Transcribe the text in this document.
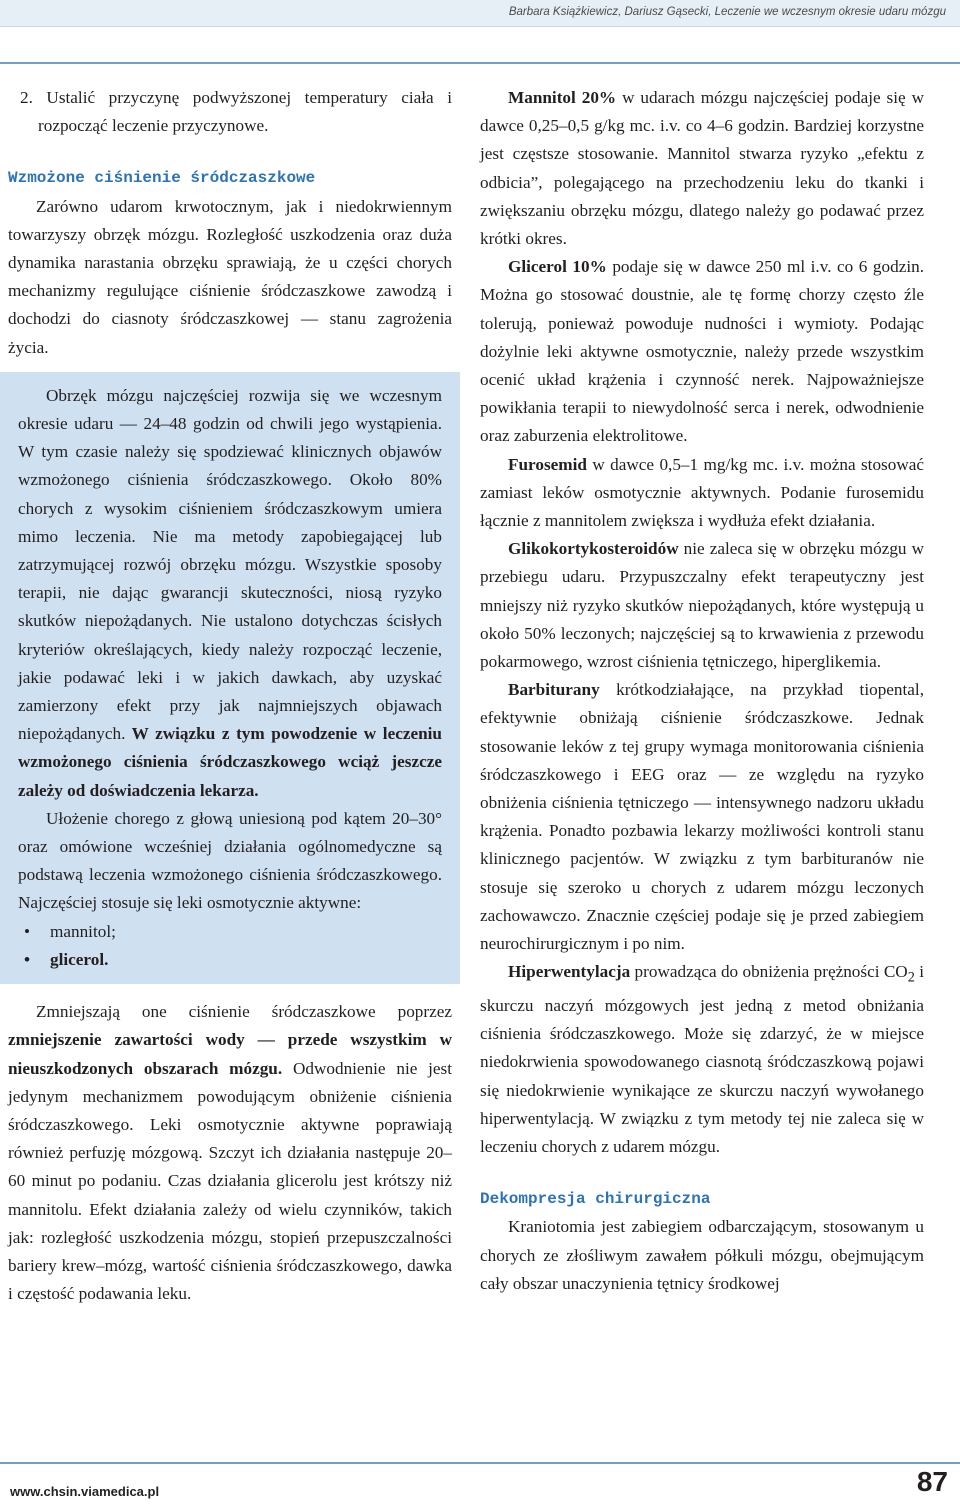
Barbara Książkiewicz, Dariusz Gąsecki, Leczenie we wczesnym okresie udaru mózgu

2. Ustalić przyczynę podwyższonej temperatury ciała i rozpocząć leczenie przyczynowe.

Wzmożone ciśnienie śródczaszkowe

Zarówno udarom krwotocznym, jak i niedokrwiennym towarzyszy obrzęk mózgu. Rozległość uszkodzenia oraz duża dynamika narastania obrzęku sprawiają, że u części chorych mechanizmy regulujące ciśnienie śródczaszkowe zawodzą i dochodzi do ciasnoty śródczaszkowej — stanu zagrożenia życia.

Obrzęk mózgu najczęściej rozwija się we wczesnym okresie udaru — 24–48 godzin od chwili jego wystąpienia. W tym czasie należy się spodziewać klinicznych objawów wzmożonego ciśnienia śródczaszkowego. Około 80% chorych z wysokim ciśnieniem śródczaszkowym umiera mimo leczenia. Nie ma metody zapobiegającej lub zatrzymującej rozwój obrzęku mózgu. Wszystkie sposoby terapii, nie dając gwarancji skuteczności, niosą ryzyko skutków niepożądanych. Nie ustalono dotychczas ścisłych kryteriów określających, kiedy należy rozpocząć leczenie, jakie podawać leki i w jakich dawkach, aby uzyskać zamierzony efekt przy jak najmniejszych objawach niepożądanych. W związku z tym powodzenie w leczeniu wzmożonego ciśnienia śródczaszkowego wciąż jeszcze zależy od doświadczenia lekarza.

Ułożenie chorego z głową uniesioną pod kątem 20–30° oraz omówione wcześniej działania ogólnomedyczne są podstawą leczenia wzmożonego ciśnienia śródczaszkowego. Najczęściej stosuje się leki osmotycznie aktywne:

• mannitol;
• glicerol.

Zmniejszają one ciśnienie śródczaszkowe poprzez zmniejszenie zawartości wody — przede wszystkim w nieuszkodzonych obszarach mózgu. Odwodnienie nie jest jedynym mechanizmem powodującym obniżenie ciśnienia śródczaszkowego. Leki osmotycznie aktywne poprawiają również perfuzję mózgową. Szczyt ich działania następuje 20–60 minut po podaniu. Czas działania glicerolu jest krótszy niż mannitolu. Efekt działania zależy od wielu czynników, takich jak: rozległość uszkodzenia mózgu, stopień przepuszczalności bariery krew–mózg, wartość ciśnienia śródczaszkowego, dawka i częstość podawania leku.

Mannitol 20% w udarach mózgu najczęściej podaje się w dawce 0,25–0,5 g/kg mc. i.v. co 4–6 godzin. Bardziej korzystne jest częstsze stosowanie. Mannitol stwarza ryzyko „efektu z odbicia”, polegającego na przechodzeniu leku do tkanki i zwiększaniu obrzęku mózgu, dlatego należy go podawać przez krótki okres.

Glicerol 10% podaje się w dawce 250 ml i.v. co 6 godzin. Można go stosować doustnie, ale tę formę chorzy często źle tolerują, ponieważ powoduje nudności i wymioty. Podając dożylnie leki aktywne osmotycznie, należy przede wszystkim ocenić układ krążenia i czynność nerek. Najpoważniejsze powikłania terapii to niewydolność serca i nerek, odwodnienie oraz zaburzenia elektrolitowe.

Furosemid w dawce 0,5–1 mg/kg mc. i.v. można stosować zamiast leków osmotycznie aktywnych. Podanie furosemidu łącznie z mannitolem zwiększa i wydłuża efekt działania.

Glikokortykosteroidów nie zaleca się w obrzęku mózgu w przebiegu udaru. Przypuszczalny efekt terapeutyczny jest mniejszy niż ryzyko skutków niepożądanych, które występują u około 50% leczonych; najczęściej są to krwawienia z przewodu pokarmowego, wzrost ciśnienia tętniczego, hiperglikemia.

Barbiturany krótkodziałające, na przykład tiopental, efektywnie obniżają ciśnienie śródczaszkowe. Jednak stosowanie leków z tej grupy wymaga monitorowania ciśnienia śródczaszkowego i EEG oraz — ze względu na ryzyko obniżenia ciśnienia tętniczego — intensywnego nadzoru układu krążenia. Ponadto pozbawia lekarzy możliwości kontroli stanu klinicznego pacjentów. W związku z tym barbituranów nie stosuje się szeroko u chorych z udarem mózgu leczonych zachowawczo. Znacznie częściej podaje się je przed zabiegiem neurochirurgicznym i po nim.

Hiperwentylacja prowadząca do obniżenia prężności $CO_2$ i skurczu naczyń mózgowych jest jedną z metod obniżania ciśnienia śródczaszkowego. Może się zdarzyć, że w miejsce niedokrwienia spowodowanego ciasnotą śródczaszkową pojawi się niedokrwienie wynikające ze skurczu naczyń wywołanego hiperwentylacją. W związku z tym metody tej nie zaleca się w leczeniu chorych z udarem mózgu.

Dekompresja chirurgiczna

Kraniotomia jest zabiegiem odbarczającym, stosowanym u chorych ze złośliwym zawałem półkuli mózgu, obejmującym cały obszar unaczynienia tętnicy środkowej

www.chsin.viamedica.pl	87
